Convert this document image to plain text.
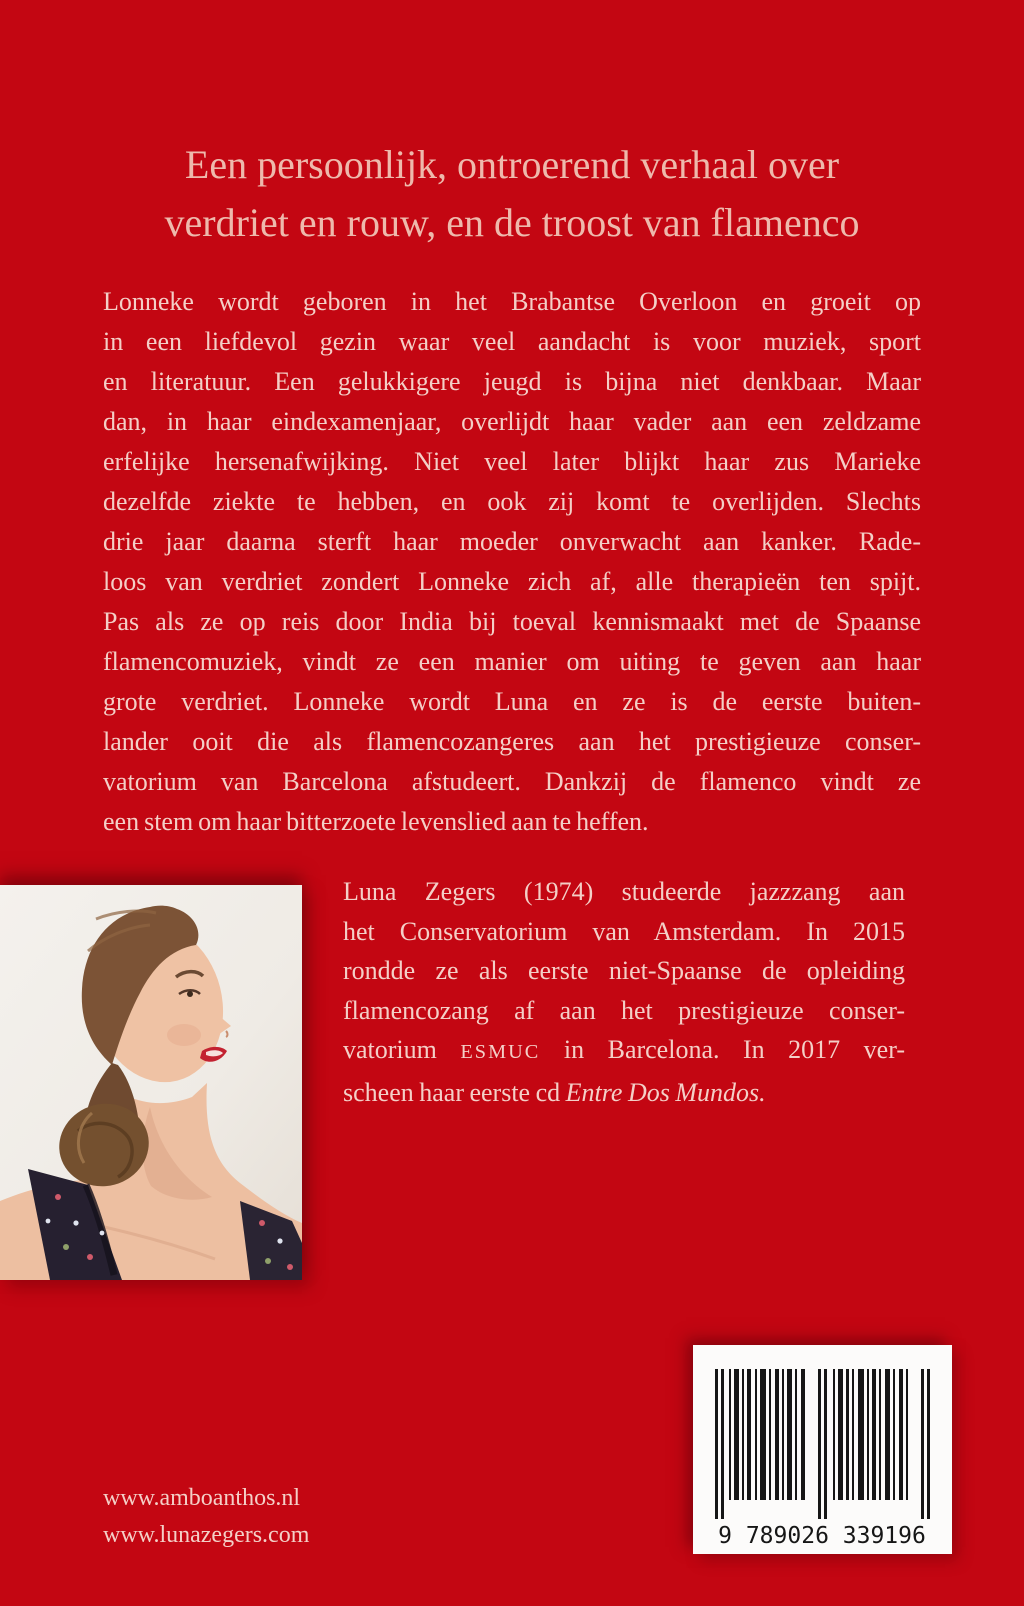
Een persoonlijk, ontroerend verhaal over
verdriet en rouw, en de troost van flamenco
Lonneke wordt geboren in het Brabantse Overloon en groeit op
in een liefdevol gezin waar veel aandacht is voor muziek, sport
en literatuur. Een gelukkigere jeugd is bijna niet denkbaar. Maar
dan, in haar eindexamenjaar, overlijdt haar vader aan een zeldzame
erfelijke hersenafwijking. Niet veel later blijkt haar zus Marieke
dezelfde ziekte te hebben, en ook zij komt te overlijden. Slechts
drie jaar daarna sterft haar moeder onverwacht aan kanker. Rade-
loos van verdriet zondert Lonneke zich af, alle therapieën ten spijt.
Pas als ze op reis door India bij toeval kennismaakt met de Spaanse
flamencomuziek, vindt ze een manier om uiting te geven aan haar
grote verdriet. Lonneke wordt Luna en ze is de eerste buiten-
lander ooit die als flamencozangeres aan het prestigieuze conser-
vatorium van Barcelona afstudeert. Dankzij de flamenco vindt ze
een stem om haar bitterzoete levenslied aan te heffen.
Luna Zegers (1974) studeerde jazzzang aan
het Conservatorium van Amsterdam. In 2015
rondde ze als eerste niet-Spaanse de opleiding
flamencozang af aan het prestigieuze conser-
vatorium ESMUC in Barcelona. In 2017 ver-
scheen haar eerste cd Entre Dos Mundos.
www.amboanthos.nl
www.lunazegers.com	9 789026 339196
